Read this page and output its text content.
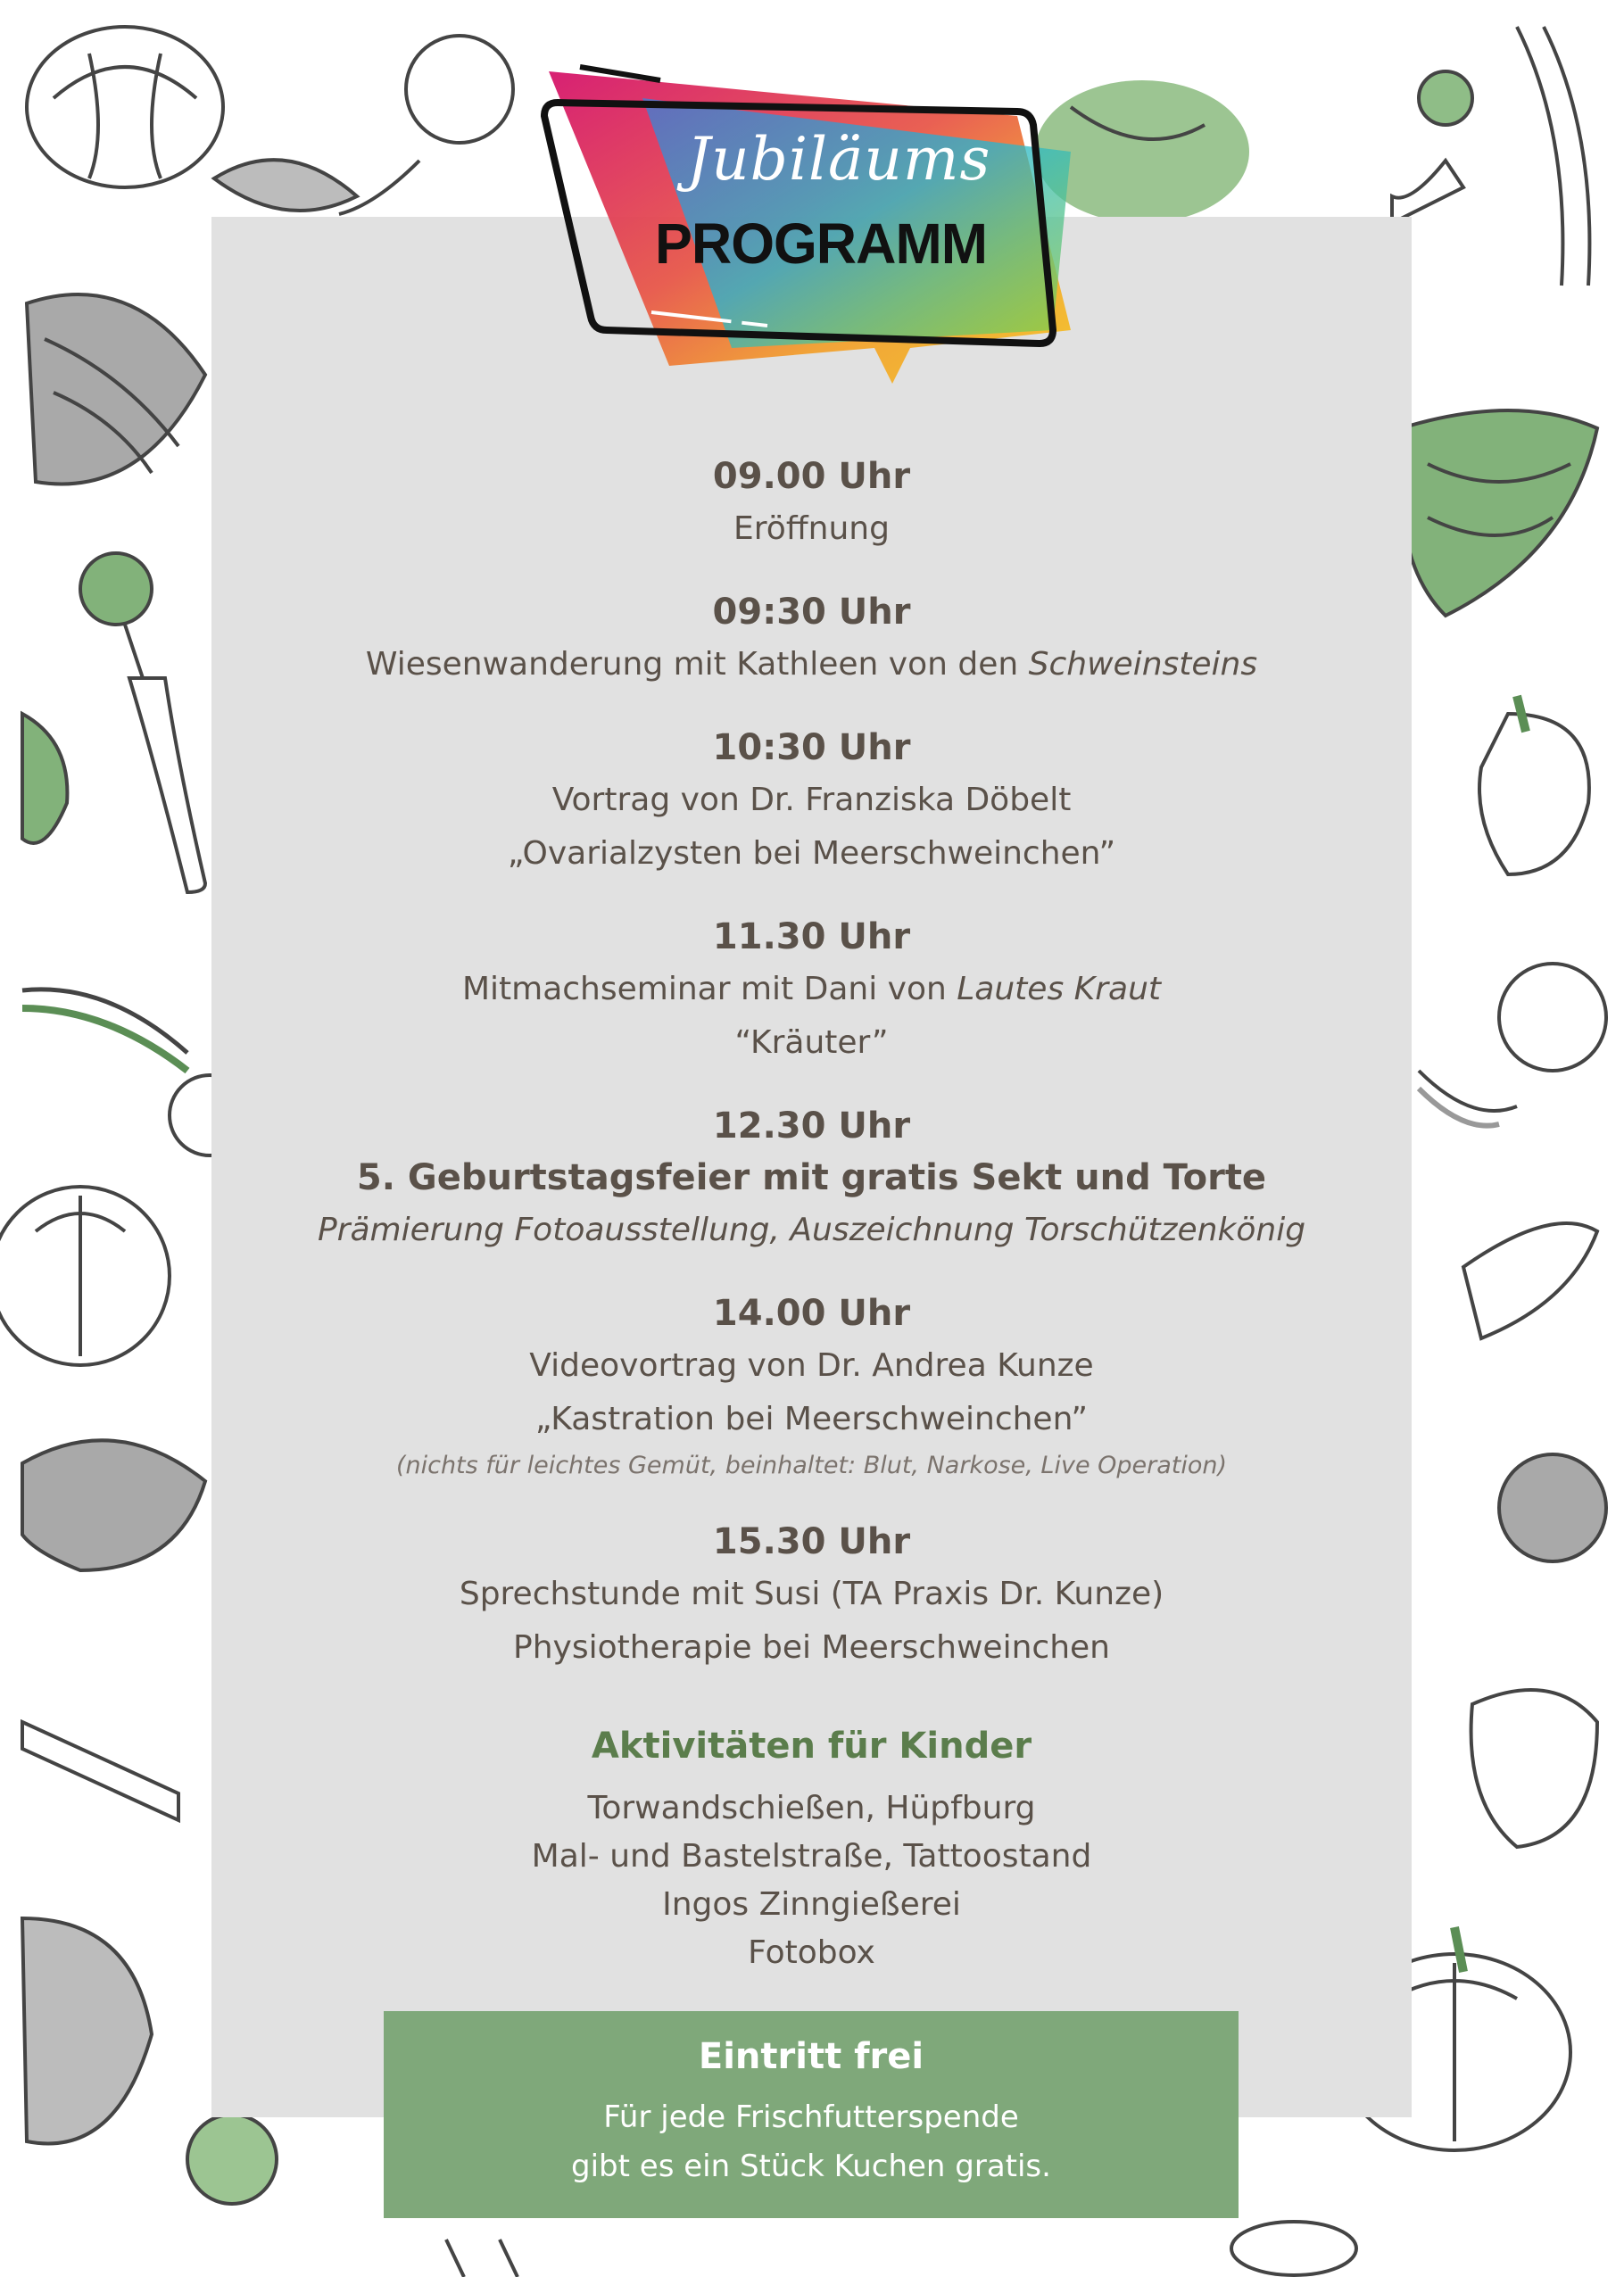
Jubiläums
PROGRAMM
09.00 Uhr
Eröffnung
09:30 Uhr
Wiesenwanderung mit Kathleen von den Schweinsteins
10:30 Uhr
Vortrag von Dr. Franziska Döbelt
„Ovarialzysten bei Meerschweinchen”
11.30 Uhr
Mitmachseminar mit Dani von Lautes Kraut
“Kräuter”
12.30 Uhr
5. Geburtstagsfeier mit gratis Sekt und Torte
Prämierung Fotoausstellung, Auszeichnung Torschützenkönig
14.00 Uhr
Videovortrag von Dr. Andrea Kunze
„Kastration bei Meerschweinchen”
(nichts für leichtes Gemüt, beinhaltet: Blut, Narkose, Live Operation)
15.30 Uhr
Sprechstunde mit Susi (TA Praxis Dr. Kunze)
Physiotherapie bei Meerschweinchen
Aktivitäten für Kinder
Torwandschießen, Hüpfburg
Mal- und Bastelstraße, Tattoostand
Ingos Zinngießerei
Fotobox
Eintritt frei
Für jede Frischfutterspende
gibt es ein Stück Kuchen gratis.
